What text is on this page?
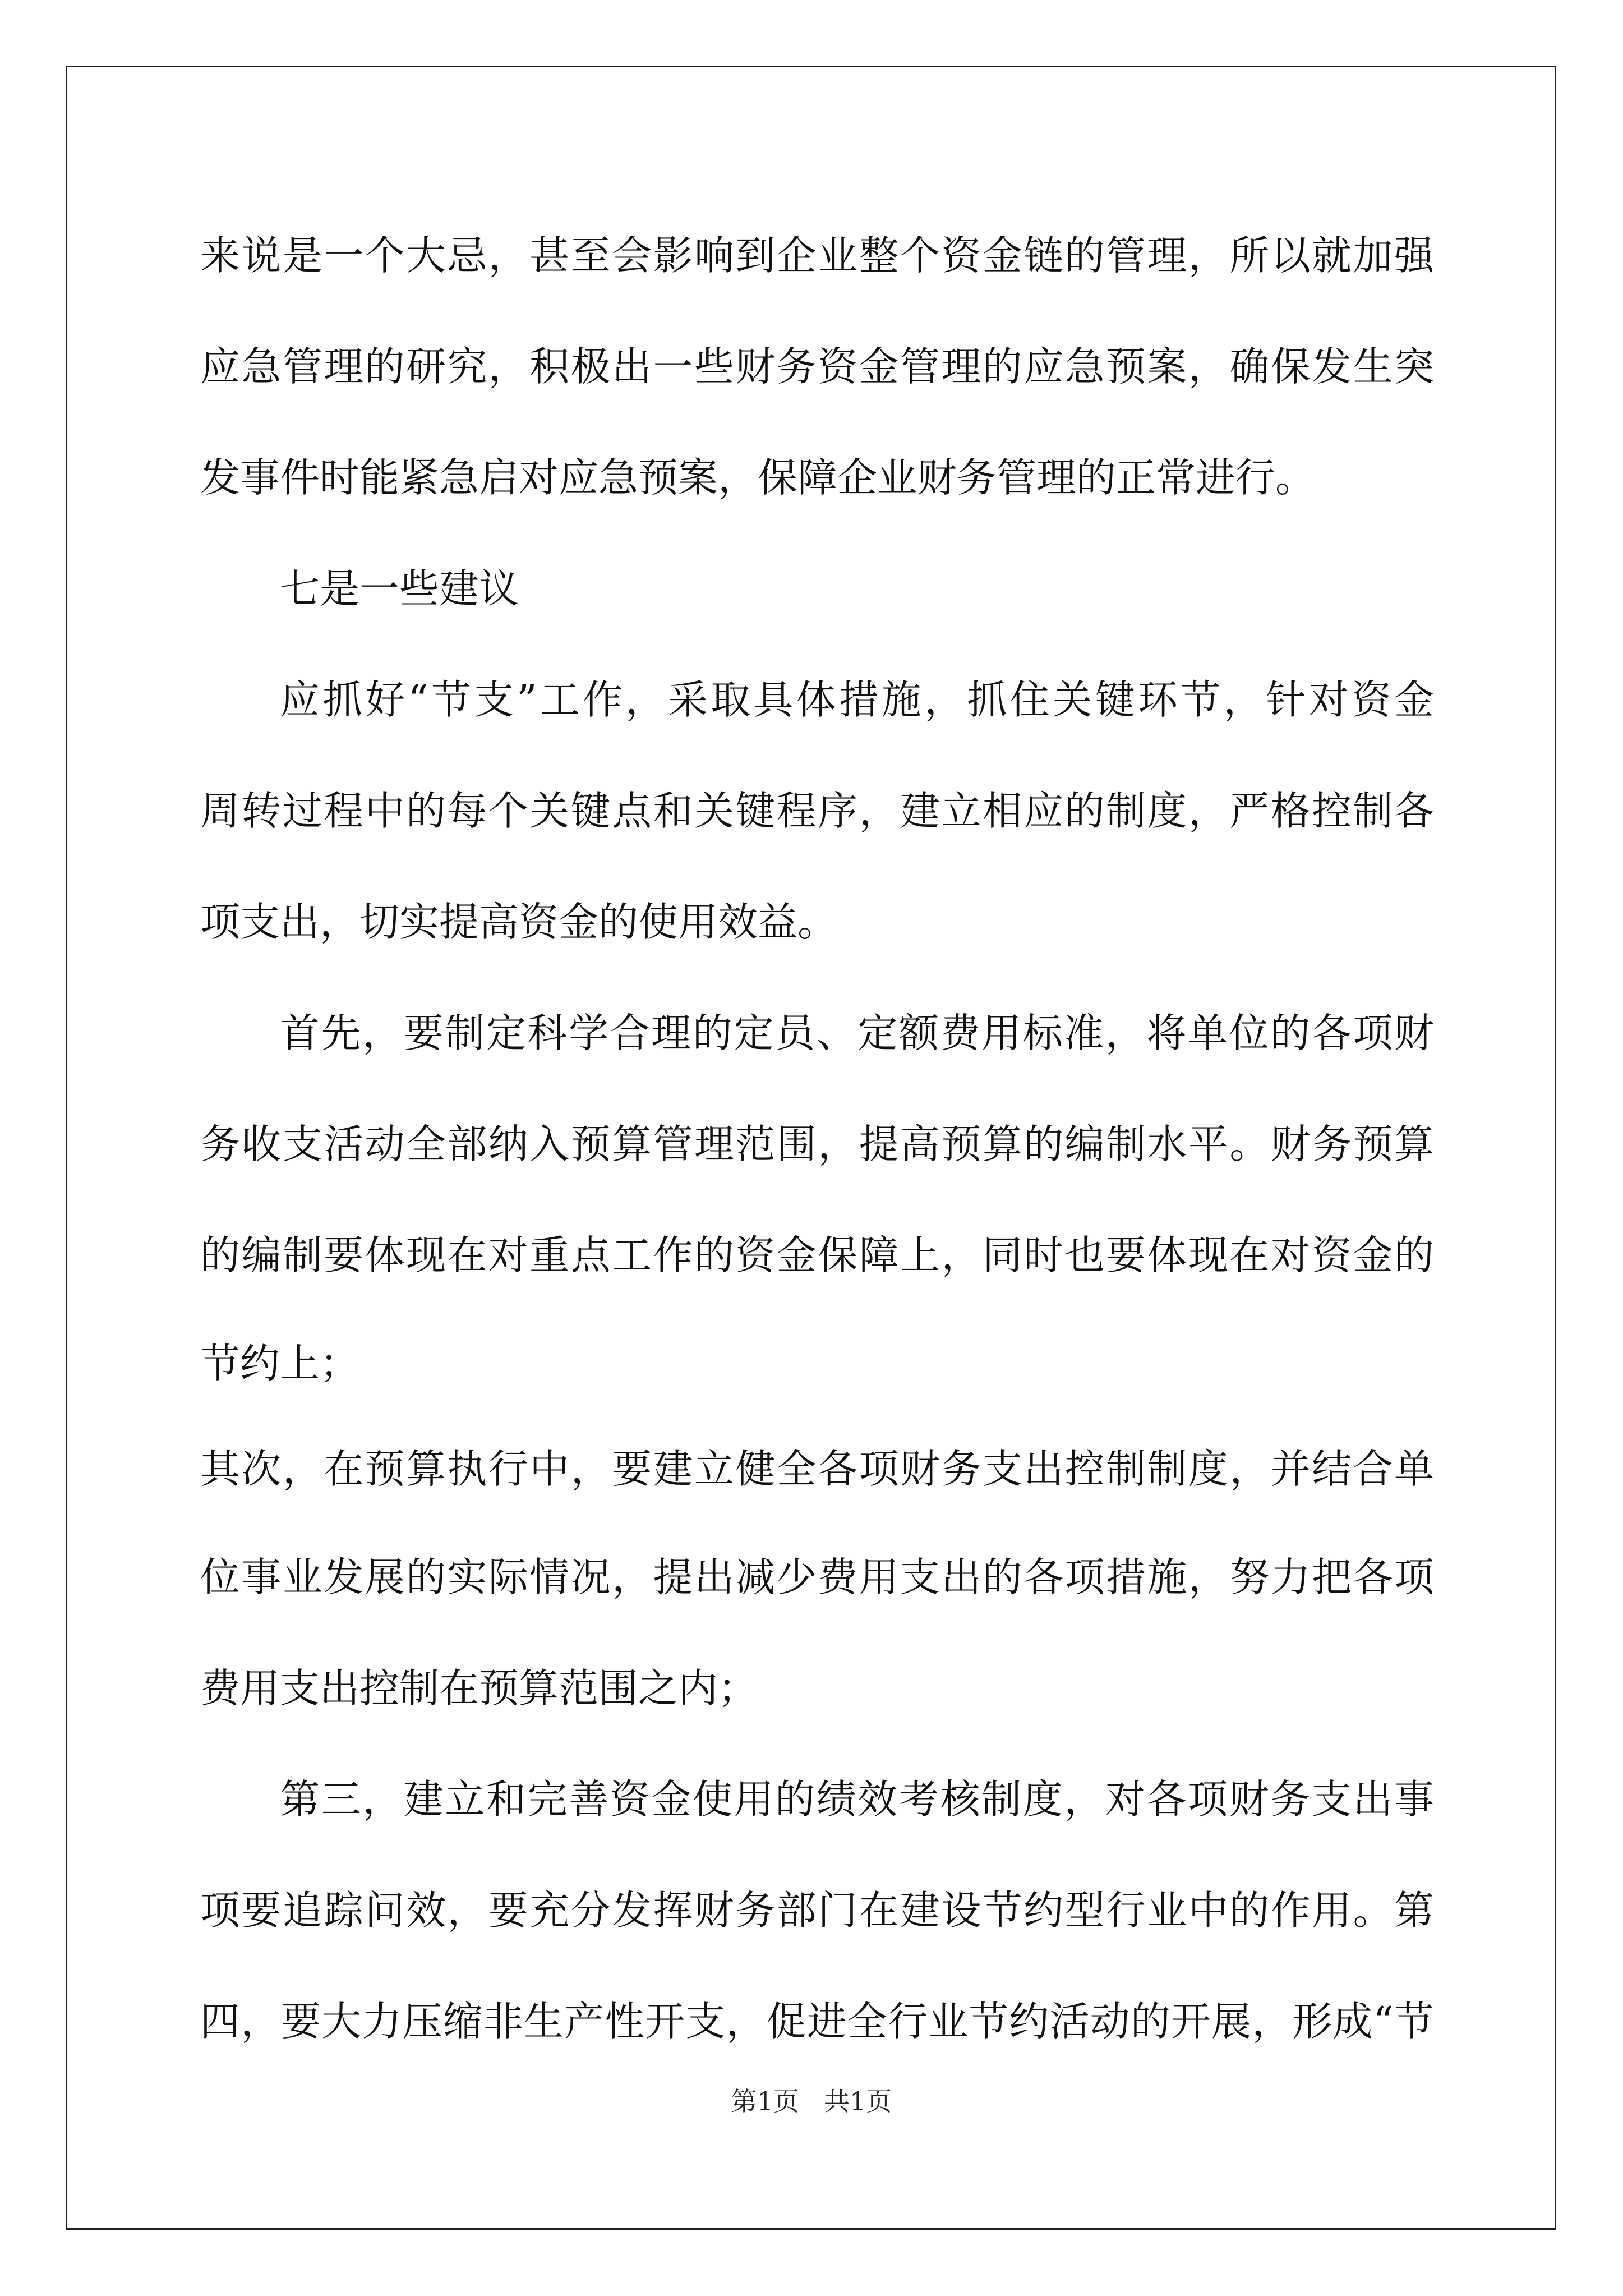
来说是一个大忌，甚至会影响到企业整个资金链的管理，所以就加强
应急管理的研究，积极出一些财务资金管理的应急预案，确保发生突
发事件时能紧急启对应急预案，保障企业财务管理的正常进行。
七是一些建议
应抓好“节支”工作，采取具体措施，抓住关键环节，针对资金
周转过程中的每个关键点和关键程序，建立相应的制度，严格控制各
项支出，切实提高资金的使用效益。
首先，要制定科学合理的定员、定额费用标准，将单位的各项财
务收支活动全部纳入预算管理范围，提高预算的编制水平。财务预算
的编制要体现在对重点工作的资金保障上，同时也要体现在对资金的
节约上；
其次，在预算执行中，要建立健全各项财务支出控制制度，并结合单
位事业发展的实际情况，提出减少费用支出的各项措施，努力把各项
费用支出控制在预算范围之内；
第三，建立和完善资金使用的绩效考核制度，对各项财务支出事
项要追踪问效，要充分发挥财务部门在建设节约型行业中的作用。第
四，要大力压缩非生产性开支，促进全行业节约活动的开展，形成“节
第1页 共1页
